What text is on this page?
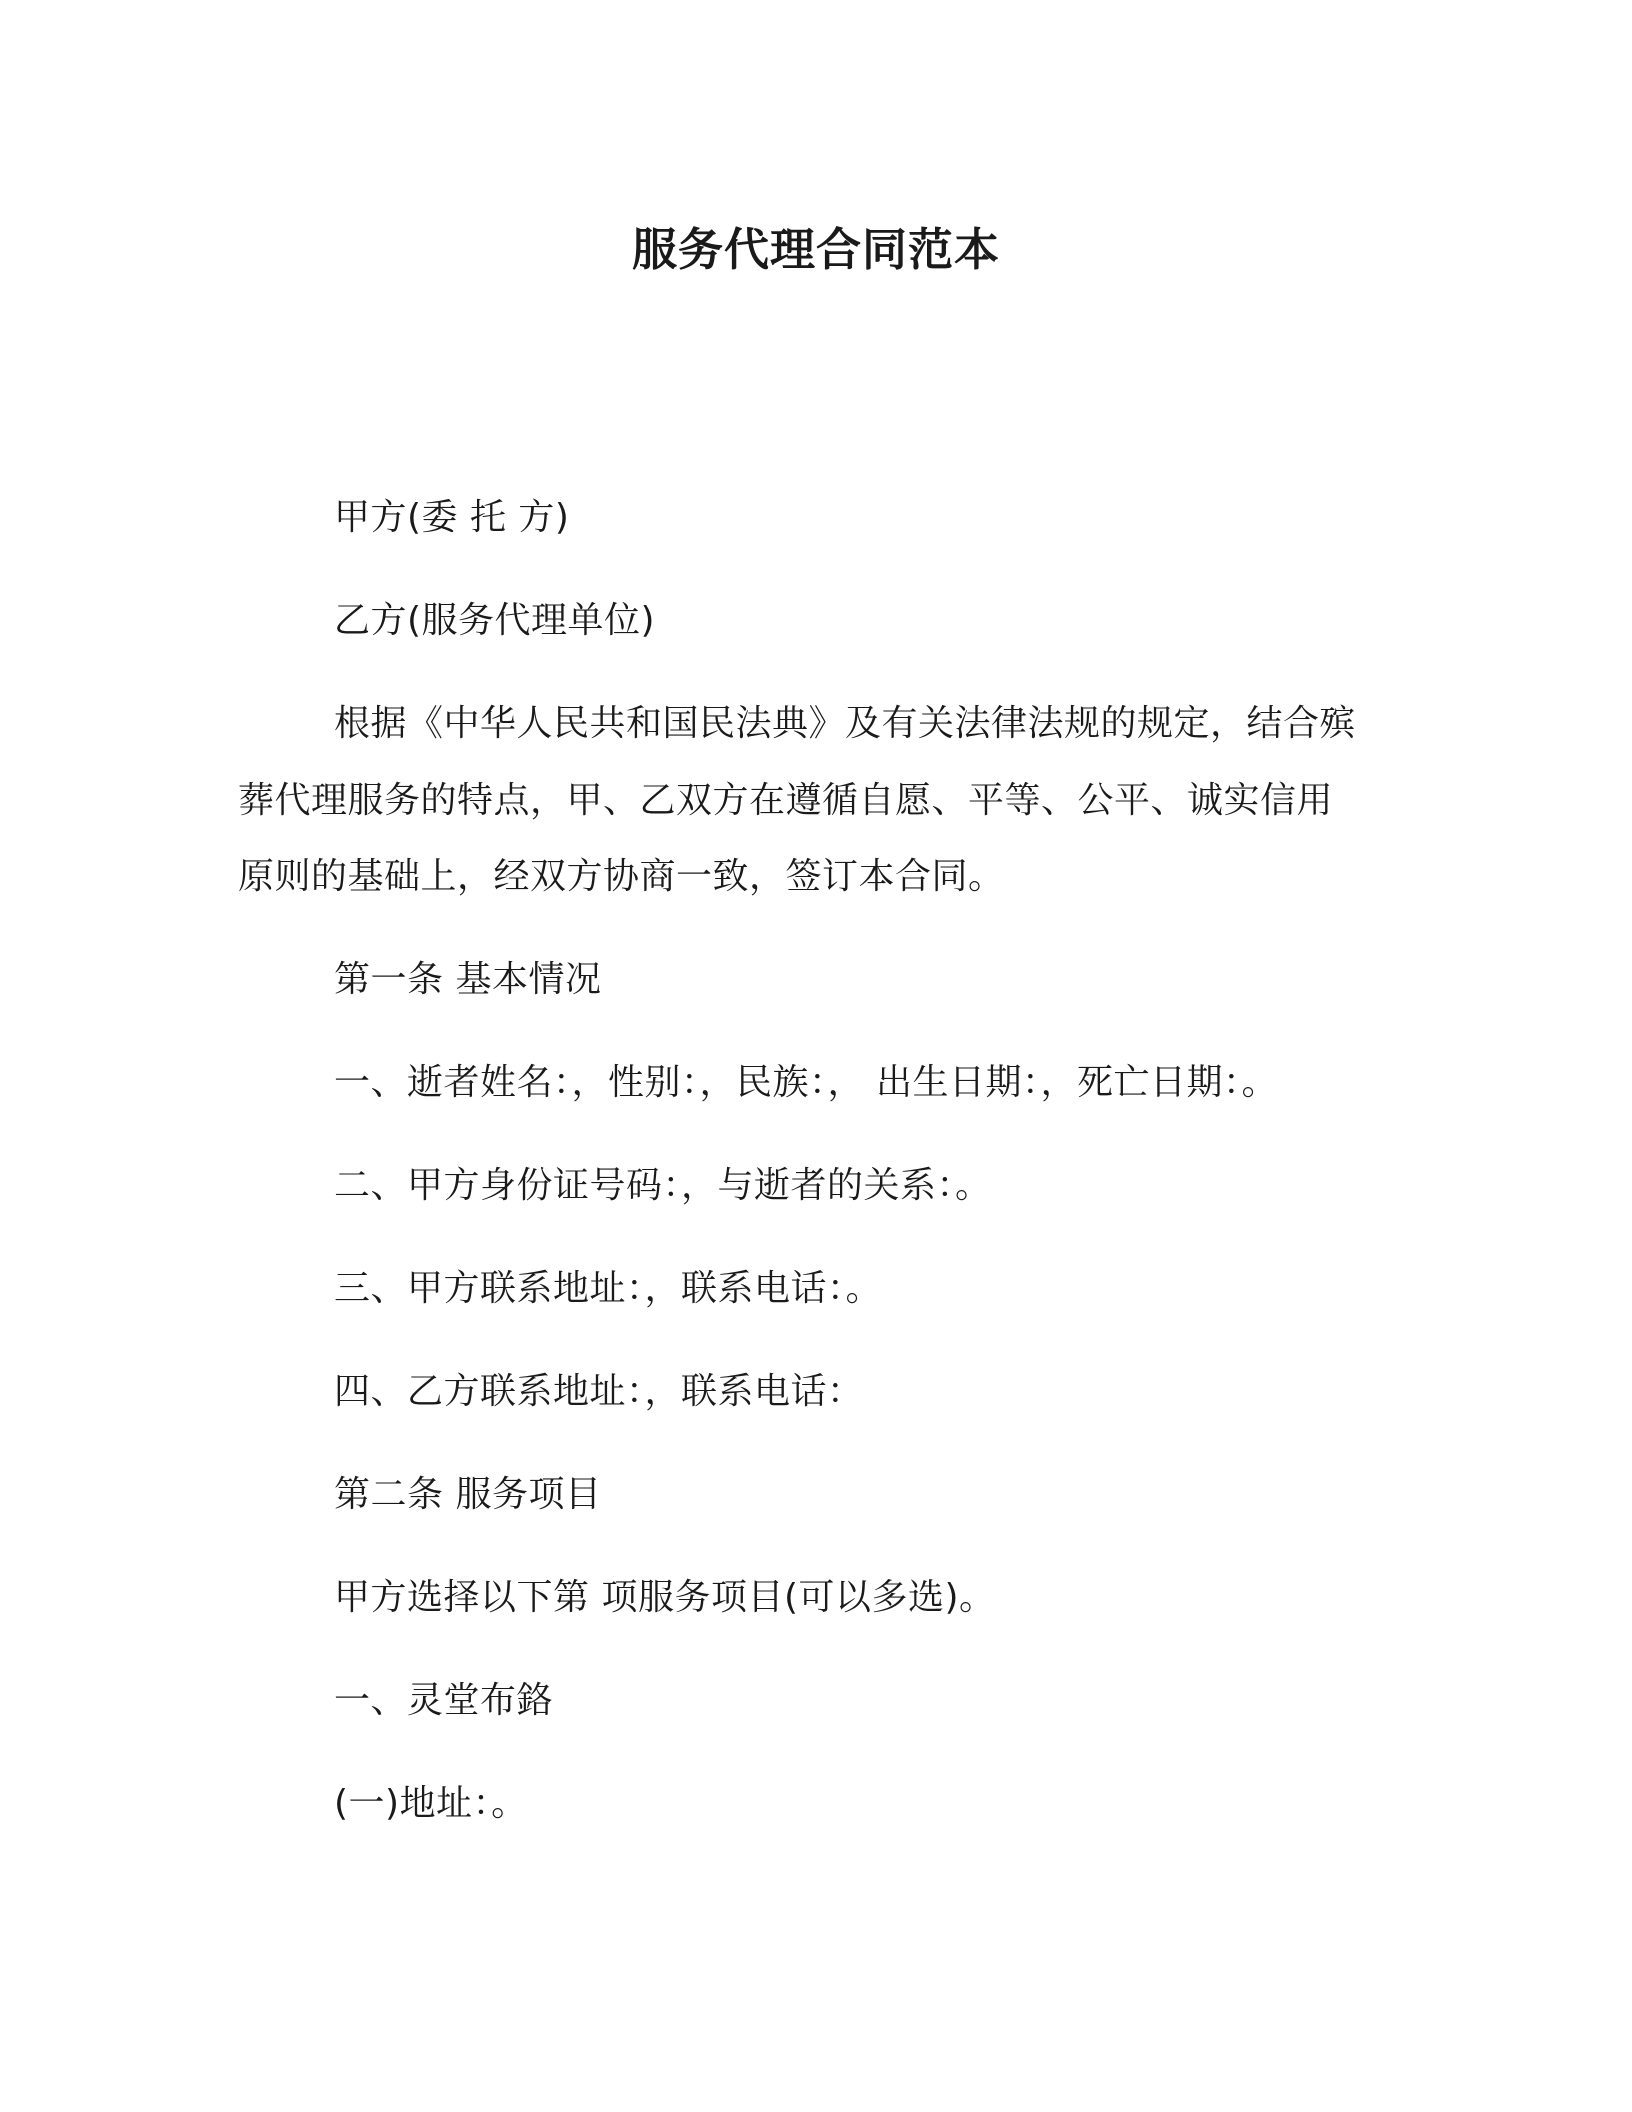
服务代理合同范本
甲方(委 托 方)
乙方(服务代理单位)
根据《中华人民共和国民法典》及有关法律法规的规定，结合殡
葬代理服务的特点，甲、乙双方在遵循自愿、平等、公平、诚实信用
原则的基础上，经双方协商一致，签订本合同。
第一条 基本情况
一、逝者姓名：，性别：，民族：， 出生日期：，死亡日期：。
二、甲方身份证号码：，与逝者的关系：。
三、甲方联系地址：，联系电话：。
四、乙方联系地址：，联系电话：
第二条 服务项目
甲方选择以下第 项服务项目(可以多选)。
一、灵堂布鉻
(一)地址：。
